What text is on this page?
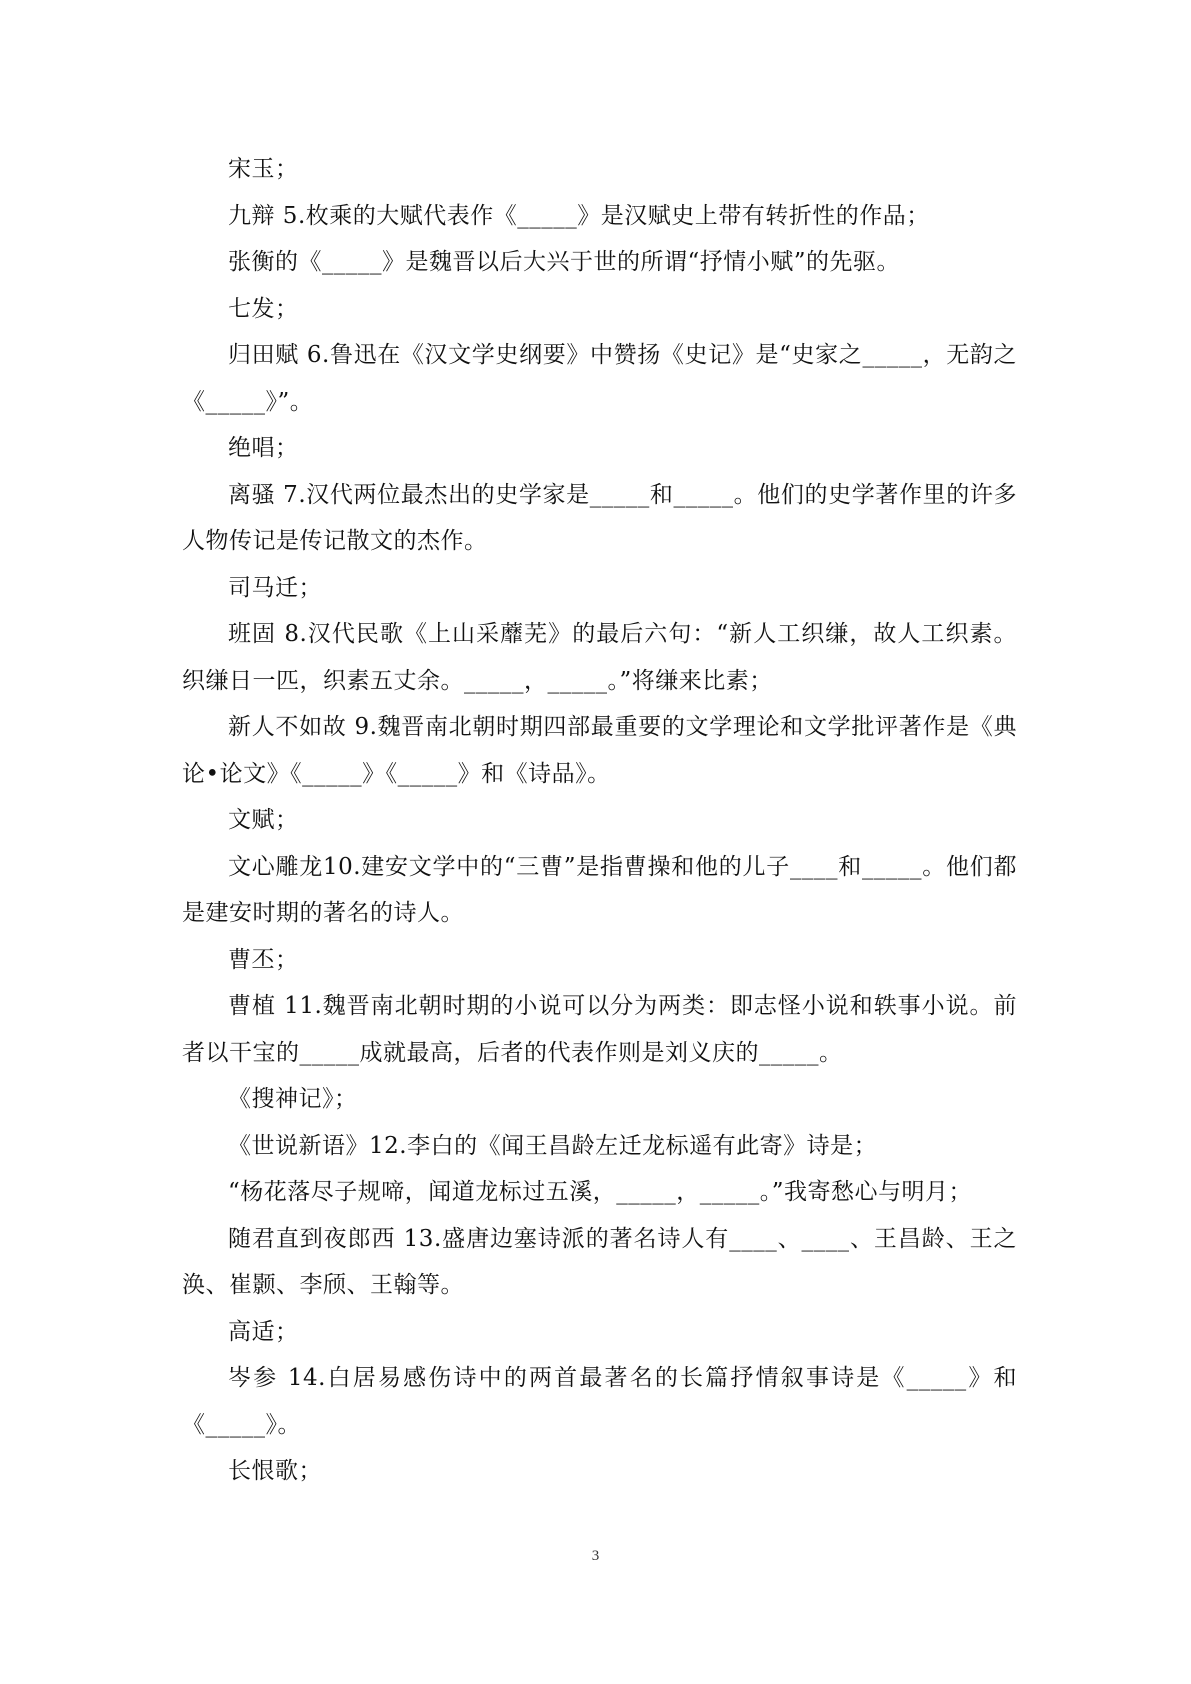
宋玉；

九辩 5.枚乘的大赋代表作《_____》是汉赋史上带有转折性的作品；

张衡的《_____》是魏晋以后大兴于世的所谓“抒情小赋”的先驱。

七发；

归田赋 6.鲁迅在《汉文学史纲要》中赞扬《史记》是“史家之_____，无韵之《_____》”。

绝唱；

离骚 7.汉代两位最杰出的史学家是_____和_____。他们的史学著作里的许多人物传记是传记散文的杰作。

司马迁；

班固 8.汉代民歌《上山采蘼芜》的最后六句：“新人工织缣，故人工织素。织缣日一匹，织素五丈余。_____，_____。”将缣来比素；

新人不如故 9.魏晋南北朝时期四部最重要的文学理论和文学批评著作是《典论•论文》《_____》《_____》和《诗品》。

文赋；

文心雕龙10.建安文学中的“三曹”是指曹操和他的儿子____和_____。他们都是建安时期的著名的诗人。

曹丕；

曹植 11.魏晋南北朝时期的小说可以分为两类：即志怪小说和轶事小说。前者以干宝的_____成就最高，后者的代表作则是刘义庆的_____。

《搜神记》；

《世说新语》12.李白的《闻王昌龄左迁龙标遥有此寄》诗是；

“杨花落尽子规啼，闻道龙标过五溪，_____，_____。”我寄愁心与明月；

随君直到夜郎西 13.盛唐边塞诗派的著名诗人有____、____、王昌龄、王之涣、崔颢、李颀、王翰等。

高适；

岑参 14.白居易感伤诗中的两首最著名的长篇抒情叙事诗是《_____》和《_____》。

长恨歌；

3
